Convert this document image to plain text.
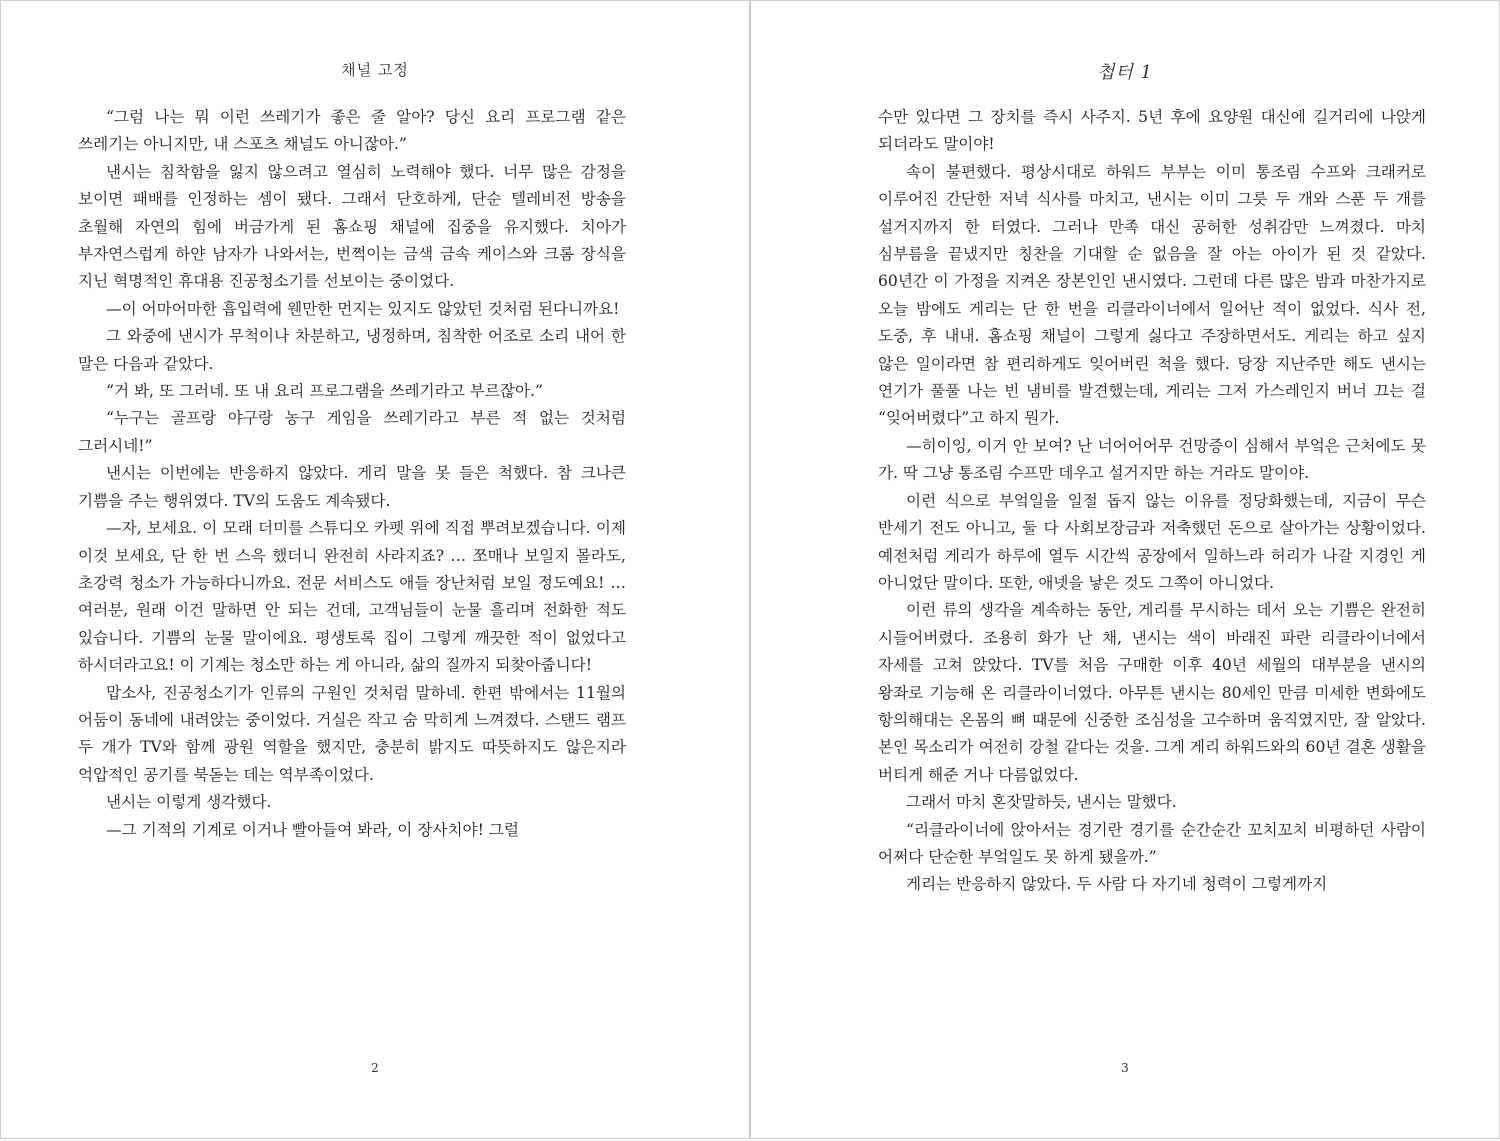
채널 고정

“그럼 나는 뭐 이런 쓰레기가 좋은 줄 알아? 당신 요리 프로그램 같은 쓰레기는 아니지만, 내 스포츠 채널도 아니잖아.”

낸시는 침착함을 잃지 않으려고 열심히 노력해야 했다. 너무 많은 감정을 보이면 패배를 인정하는 셈이 됐다. 그래서 단호하게, 단순 텔레비전 방송을 초월해 자연의 힘에 버금가게 된 홈쇼핑 채널에 집중을 유지했다. 치아가 부자연스럽게 하얀 남자가 나와서는, 번쩍이는 금색 금속 케이스와 크롬 장식을 지닌 혁명적인 휴대용 진공청소기를 선보이는 중이었다.

—이 어마어마한 흡입력에 웬만한 먼지는 있지도 않았던 것처럼 된다니까요!

그 와중에 낸시가 무척이나 차분하고, 냉정하며, 침착한 어조로 소리 내어 한 말은 다음과 같았다.

“거 봐, 또 그러네. 또 내 요리 프로그램을 쓰레기라고 부르잖아.”

“누구는 골프랑 야구랑 농구 게임을 쓰레기라고 부른 적 없는 것처럼 그러시네!”

낸시는 이번에는 반응하지 않았다. 게리 말을 못 들은 척했다. 참 크나큰 기쁨을 주는 행위였다. TV의 도움도 계속됐다.

—자, 보세요. 이 모래 더미를 스튜디오 카펫 위에 직접 뿌려보겠습니다. 이제 이것 보세요, 단 한 번 스윽 했더니 완전히 사라지죠? … 쪼매나 보일지 몰라도, 초강력 청소가 가능하다니까요. 전문 서비스도 애들 장난처럼 보일 정도예요! … 여러분, 원래 이건 말하면 안 되는 건데, 고객님들이 눈물 흘리며 전화한 적도 있습니다. 기쁨의 눈물 말이에요. 평생토록 집이 그렇게 깨끗한 적이 없었다고 하시더라고요! 이 기계는 청소만 하는 게 아니라, 삶의 질까지 되찾아줍니다!

맙소사, 진공청소기가 인류의 구원인 것처럼 말하네. 한편 밖에서는 11월의 어둠이 동네에 내려앉는 중이었다. 거실은 작고 숨 막히게 느껴졌다. 스탠드 램프 두 개가 TV와 함께 광원 역할을 했지만, 충분히 밝지도 따뜻하지도 않은지라 억압적인 공기를 북돋는 데는 역부족이었다.

낸시는 이렇게 생각했다.

—그 기적의 기계로 이거나 빨아들여 봐라, 이 장사치야! 그럴

2
첩터 1

수만 있다면 그 장치를 즉시 사주지. 5년 후에 요양원 대신에 길거리에 나앉게 되더라도 말이야!

속이 불편했다. 평상시대로 하워드 부부는 이미 통조림 수프와 크래커로 이루어진 간단한 저녁 식사를 마치고, 낸시는 이미 그릇 두 개와 스푼 두 개를 설거지까지 한 터였다. 그러나 만족 대신 공허한 성취감만 느껴졌다. 마치 심부름을 끝냈지만 칭찬을 기대할 순 없음을 잘 아는 아이가 된 것 같았다. 60년간 이 가정을 지켜온 장본인인 낸시였다. 그런데 다른 많은 밤과 마찬가지로 오늘 밤에도 게리는 단 한 번을 리클라이너에서 일어난 적이 없었다. 식사 전, 도중, 후 내내. 홈쇼핑 채널이 그렇게 싫다고 주장하면서도. 게리는 하고 싶지 않은 일이라면 참 편리하게도 잊어버린 척을 했다. 당장 지난주만 해도 낸시는 연기가 풀풀 나는 빈 냄비를 발견했는데, 게리는 그저 가스레인지 버너 끄는 걸 “잊어버렸다”고 하지 뭔가.

—히이잉, 이거 안 보여? 난 너어어어무 건망증이 심해서 부엌은 근처에도 못 가. 딱 그냥 통조림 수프만 데우고 설거지만 하는 거라도 말이야.

이런 식으로 부엌일을 일절 돕지 않는 이유를 정당화했는데, 지금이 무슨 반세기 전도 아니고, 둘 다 사회보장금과 저축했던 돈으로 살아가는 상황이었다. 예전처럼 게리가 하루에 열두 시간씩 공장에서 일하느라 허리가 나갈 지경인 게 아니었단 말이다. 또한, 애넷을 낳은 것도 그쪽이 아니었다.

이런 류의 생각을 계속하는 동안, 게리를 무시하는 데서 오는 기쁨은 완전히 시들어버렸다. 조용히 화가 난 채, 낸시는 색이 바래진 파란 리클라이너에서 자세를 고쳐 앉았다. TV를 처음 구매한 이후 40년 세월의 대부분을 낸시의 왕좌로 기능해 온 리클라이너였다. 아무튼 낸시는 80세인 만큼 미세한 변화에도 항의해대는 온몸의 뼈 때문에 신중한 조심성을 고수하며 움직였지만, 잘 알았다. 본인 목소리가 여전히 강철 같다는 것을. 그게 게리 하워드와의 60년 결혼 생활을 버티게 해준 거나 다름없었다.

그래서 마치 혼잣말하듯, 낸시는 말했다.

“리클라이너에 앉아서는 경기란 경기를 순간순간 꼬치꼬치 비평하던 사람이 어쩌다 단순한 부엌일도 못 하게 됐을까.”

게리는 반응하지 않았다. 두 사람 다 자기네 청력이 그렇게까지

3
